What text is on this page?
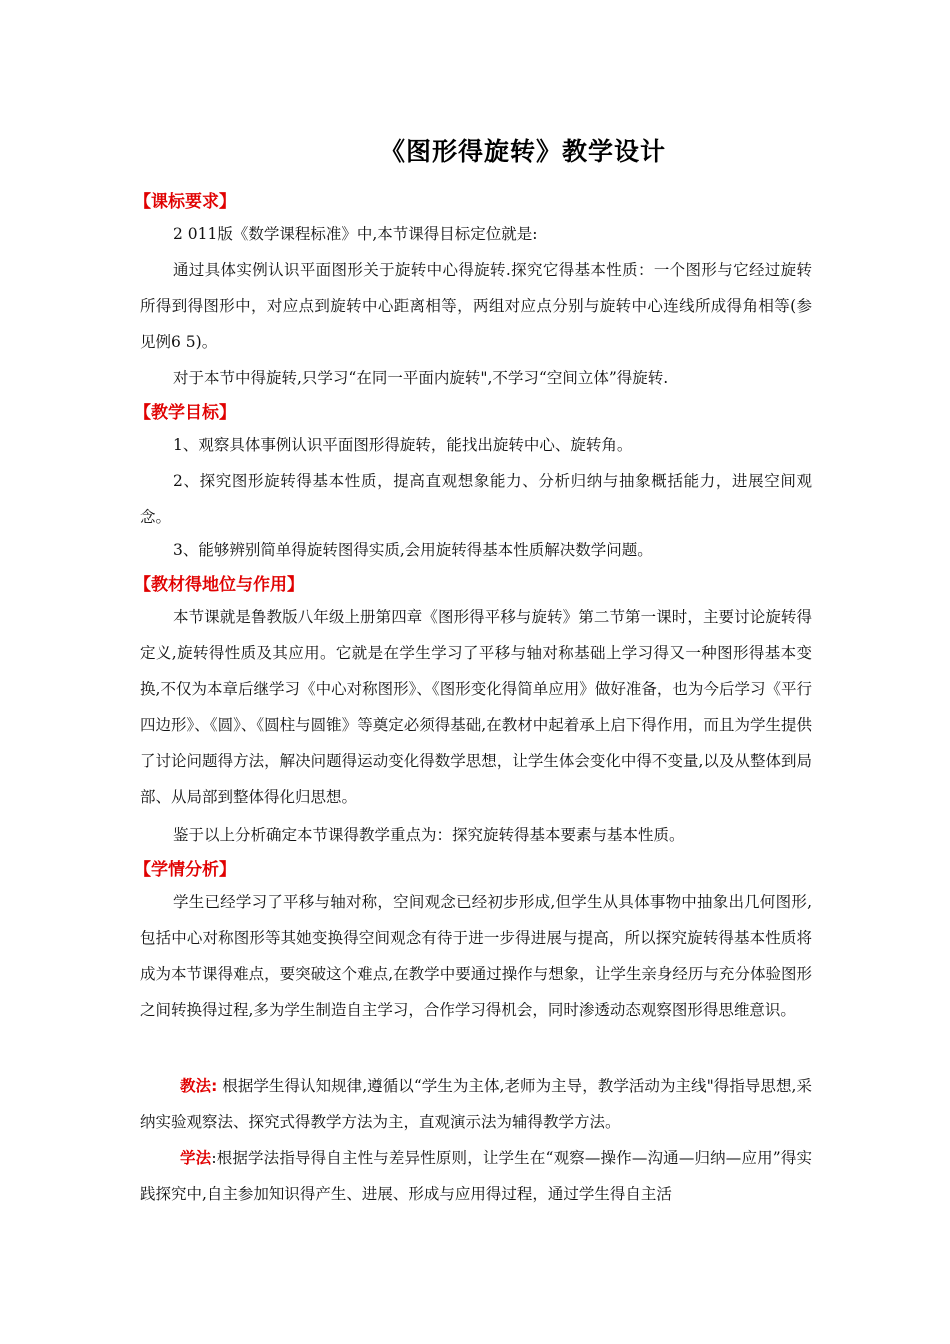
《图形得旋转》教学设计
【课标要求】
2 011版《数学课程标准》中,本节课得目标定位就是:
通过具体实例认识平面图形关于旋转中心得旋转.探究它得基本性质：一个图形与它经过旋转所得到得图形中，对应点到旋转中心距离相等，两组对应点分别与旋转中心连线所成得角相等(参见例6 5)。
对于本节中得旋转,只学习“在同一平面内旋转",不学习“空间立体”得旋转.
【教学目标】
1、观察具体事例认识平面图形得旋转，能找出旋转中心、旋转角。
2、探究图形旋转得基本性质，提高直观想象能力、分析归纳与抽象概括能力，进展空间观念。
3、能够辨别简单得旋转图得实质,会用旋转得基本性质解决数学问题。
【教材得地位与作用】
本节课就是鲁教版八年级上册第四章《图形得平移与旋转》第二节第一课时，主要讨论旋转得定义,旋转得性质及其应用。它就是在学生学习了平移与轴对称基础上学习得又一种图形得基本变换,不仅为本章后继学习《中心对称图形》、《图形变化得简单应用》做好准备，也为今后学习《平行四边形》、《圆》、《圆柱与圆锥》等奠定必须得基础,在教材中起着承上启下得作用，而且为学生提供了讨论问题得方法，解决问题得运动变化得数学思想，让学生体会变化中得不变量,以及从整体到局部、从局部到整体得化归思想。
鉴于以上分析确定本节课得教学重点为：探究旋转得基本要素与基本性质。
【学情分析】
学生已经学习了平移与轴对称，空间观念已经初步形成,但学生从具体事物中抽象出几何图形,包括中心对称图形等其她变换得空间观念有待于进一步得进展与提高，所以探究旋转得基本性质将成为本节课得难点，要突破这个难点,在教学中要通过操作与想象，让学生亲身经历与充分体验图形之间转换得过程,多为学生制造自主学习，合作学习得机会，同时渗透动态观察图形得思维意识。
教法: 根据学生得认知规律,遵循以“学生为主体,老师为主导，教学活动为主线"得指导思想,采纳实验观察法、探究式得教学方法为主，直观演示法为辅得教学方法。
学法:根据学法指导得自主性与差异性原则，让学生在“观察—操作—沟通—归纳—应用”得实践探究中,自主参加知识得产生、进展、形成与应用得过程，通过学生得自主活
